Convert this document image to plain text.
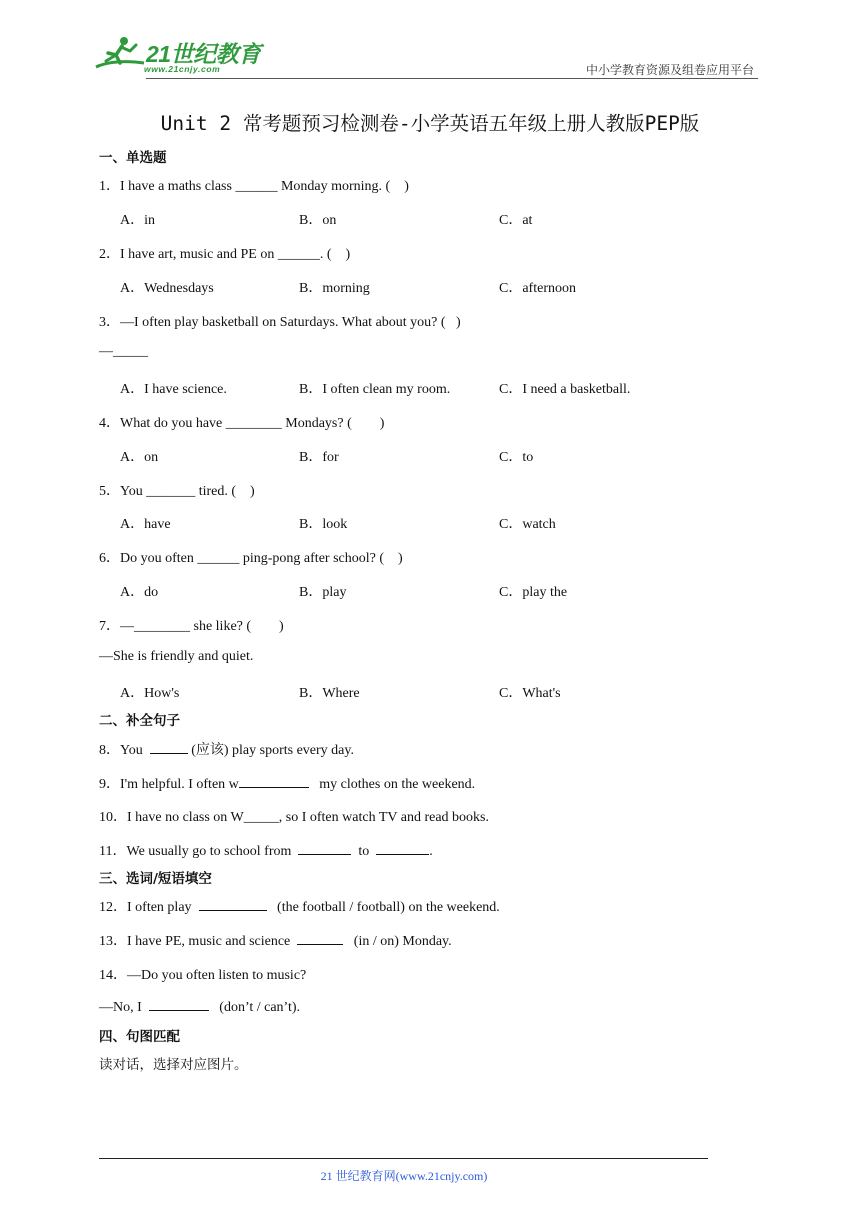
21世纪教育
www.21cnjy.com	中小学教育资源及组卷应用平台
Unit 2 常考题预习检测卷-小学英语五年级上册人教版PEP版
一、单选题
1．I have a maths class ______ Monday morning. (    )
A．in	B．on	C．at
2．I have art, music and PE on ______. (    )
A．Wednesdays	B．morning	C．afternoon
3．—I often play basketball on Saturdays. What about you? (   )
—_____
A．I have science.	B．I often clean my room.	C．I need a basketball.
4．What do you have ________ Mondays? (        )
A．on	B．for	C．to
5．You _______ tired. (    )
A．have	B．look	C．watch
6．Do you often ______ ping-pong after school? (    )
A．do	B．play	C．play the
7．—________ she like? (        )
—She is friendly and quiet.
A．How's	B．Where	C．What's
二、补全句子
8．You	(应该) play sports every day.
9．I'm helpful. I often w	my clothes on the weekend.
10．I have no class on W_____, so I often watch TV and read books.
11．We usually go to school from	to	.
三、选词/短语填空
12．I often play	(the football / football) on the weekend.
13．I have PE, music and science	(in / on) Monday.
14．—Do you often listen to music?
—No, I	(don’t / can’t).
四、句图匹配
读对话，选择对应图片。
21 世纪教育网(www.21cnjy.com)
